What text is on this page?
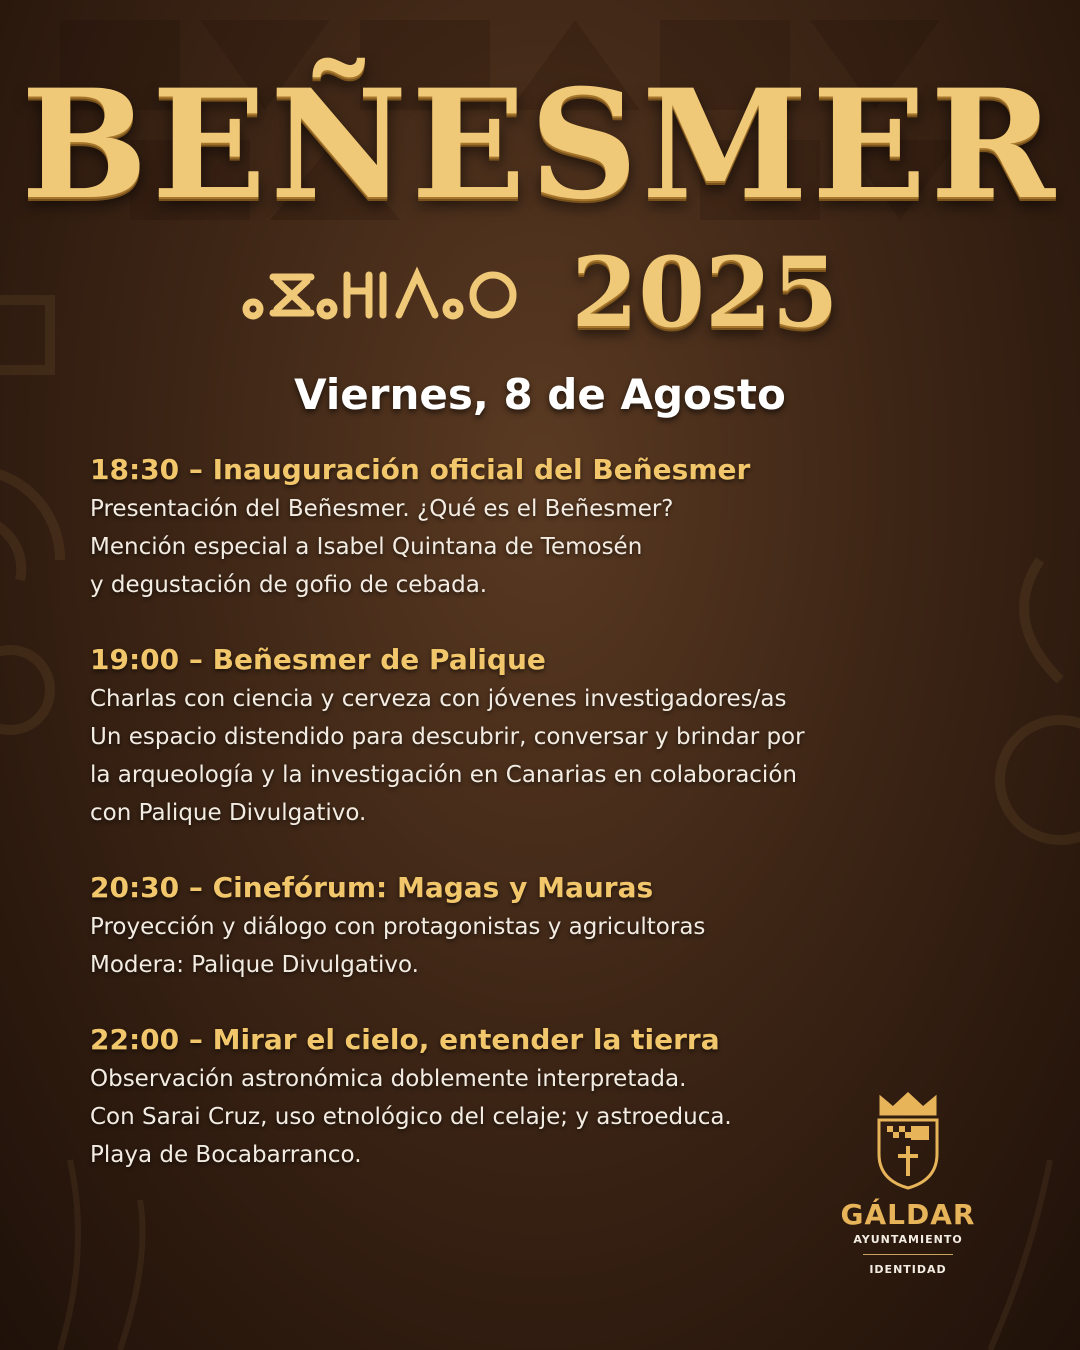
BEÑESMER
2025
Viernes, 8 de Agosto
18:30 – Inauguración oficial del Beñesmer
Presentación del Beñesmer. ¿Qué es el Beñesmer?
Mención especial a Isabel Quintana de Temosén
y degustación de gofio de cebada.
19:00 – Beñesmer de Palique
Charlas con ciencia y cerveza con jóvenes investigadores/as
Un espacio distendido para descubrir, conversar y brindar por
la arqueología y la investigación en Canarias en colaboración
con Palique Divulgativo.
20:30 – Cinefórum: Magas y Mauras
Proyección y diálogo con protagonistas y agricultoras
Modera: Palique Divulgativo.
22:00 – Mirar el cielo, entender la tierra
Observación astronómica doblemente interpretada.
Con Sarai Cruz, uso etnológico del celaje; y astroeduca.
Playa de Bocabarranco.
GÁLDAR
AYUNTAMIENTO
IDENTIDAD
